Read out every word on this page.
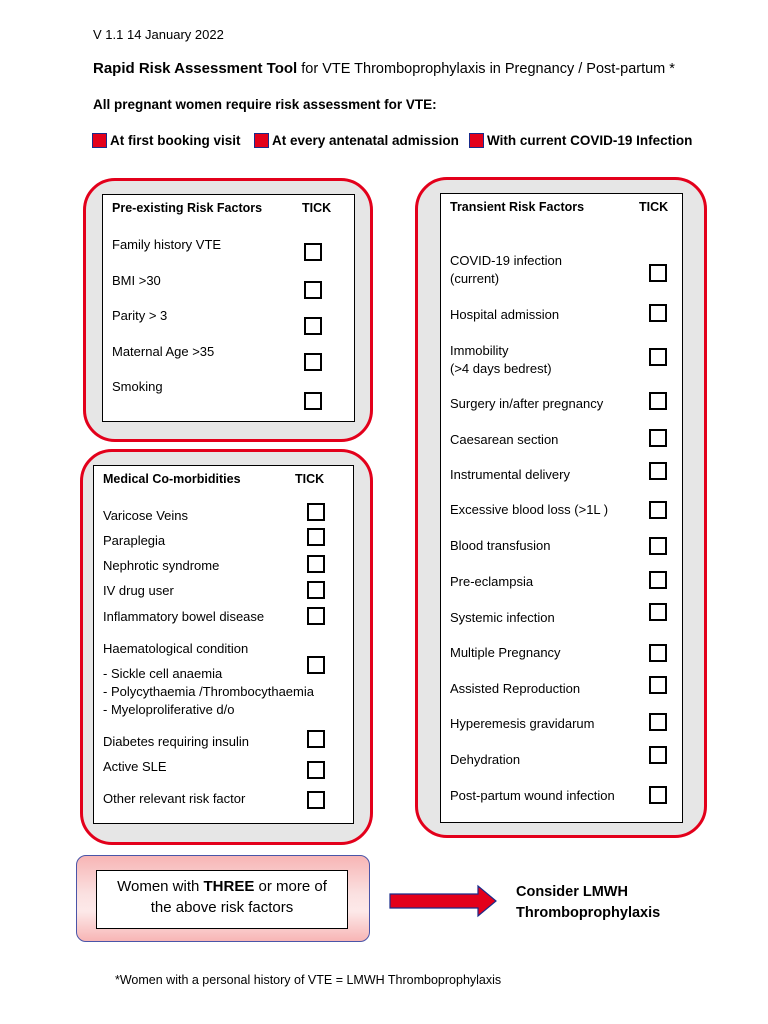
V 1.1 14 January 2022
Rapid Risk Assessment Tool for VTE Thromboprophylaxis in Pregnancy / Post-partum *
All pregnant women require risk assessment for VTE:
At first booking visit At every antenatal admission With current COVID-19 Infection
Pre-existing Risk Factors	TICK
Family history VTE
BMI >30
Parity > 3
Maternal Age >35
Smoking
Medical Co-morbidities	TICK
Varicose Veins
Paraplegia
Nephrotic syndrome
IV drug user
Inflammatory bowel disease
Haematological condition
- Sickle cell anaemia
- Polycythaemia /Thrombocythaemia
- Myeloproliferative d/o
Diabetes requiring insulin
Active SLE
Other relevant risk factor
Transient Risk Factors	TICK
COVID-19 infection
(current)
Hospital admission
Immobility
(>4 days bedrest)
Surgery in/after pregnancy
Caesarean section
Instrumental delivery
Excessive blood loss (>1L )
Blood transfusion
Pre-eclampsia
Systemic infection
Multiple Pregnancy
Assisted Reproduction
Hyperemesis gravidarum
Dehydration
Post-partum wound infection
Women with THREE or more of
the above risk factors
Consider LMWH
Thromboprophylaxis
*Women with a personal history of VTE = LMWH Thromboprophylaxis
